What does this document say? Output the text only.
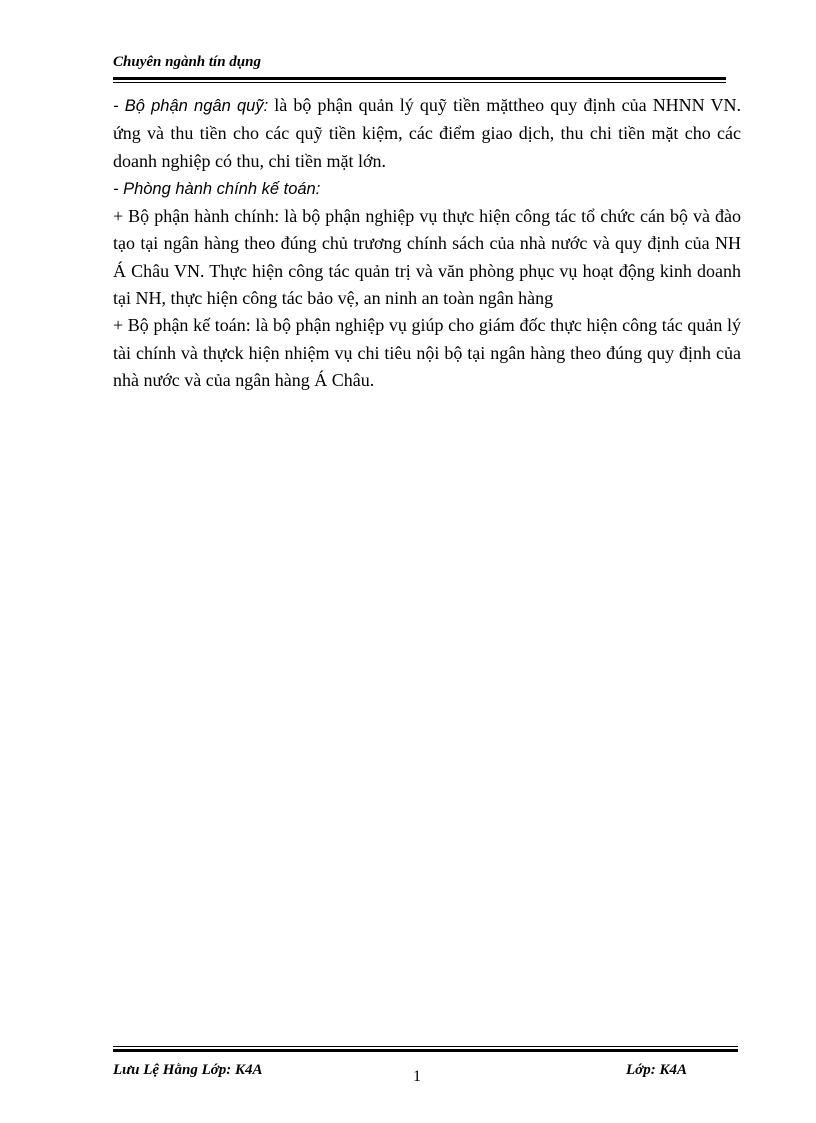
Chuyên ngành tín dụng

- Bộ phận ngân quỹ: là bộ phận quản lý quỹ tiền mặttheo quy định của NHNN VN. ứng và thu tiền cho các quỹ tiền kiệm, các điểm giao dịch, thu chi tiền mặt cho các doanh nghiệp có thu, chi tiền mặt lớn.

- Phòng hành chính kế toán:

+ Bộ phận hành chính: là bộ phận nghiệp vụ thực hiện công tác tổ chức cán bộ và đào tạo tại ngân hàng theo đúng chủ trương chính sách của nhà nước và quy định của NH Á Châu VN. Thực hiện công tác quản trị và văn phòng phục vụ hoạt động kinh doanh tại NH, thực hiện công tác bảo vệ, an ninh an toàn ngân hàng

+ Bộ phận kế toán: là bộ phận nghiệp vụ giúp cho giám đốc thực hiện công tác quản lý tài chính và thựck hiện nhiệm vụ chi tiêu nội bộ tại ngân hàng theo đúng quy định của nhà nước và của ngân hàng Á Châu.

Lưu Lệ Hằng Lớp: K4A	1	Lớp: K4A
